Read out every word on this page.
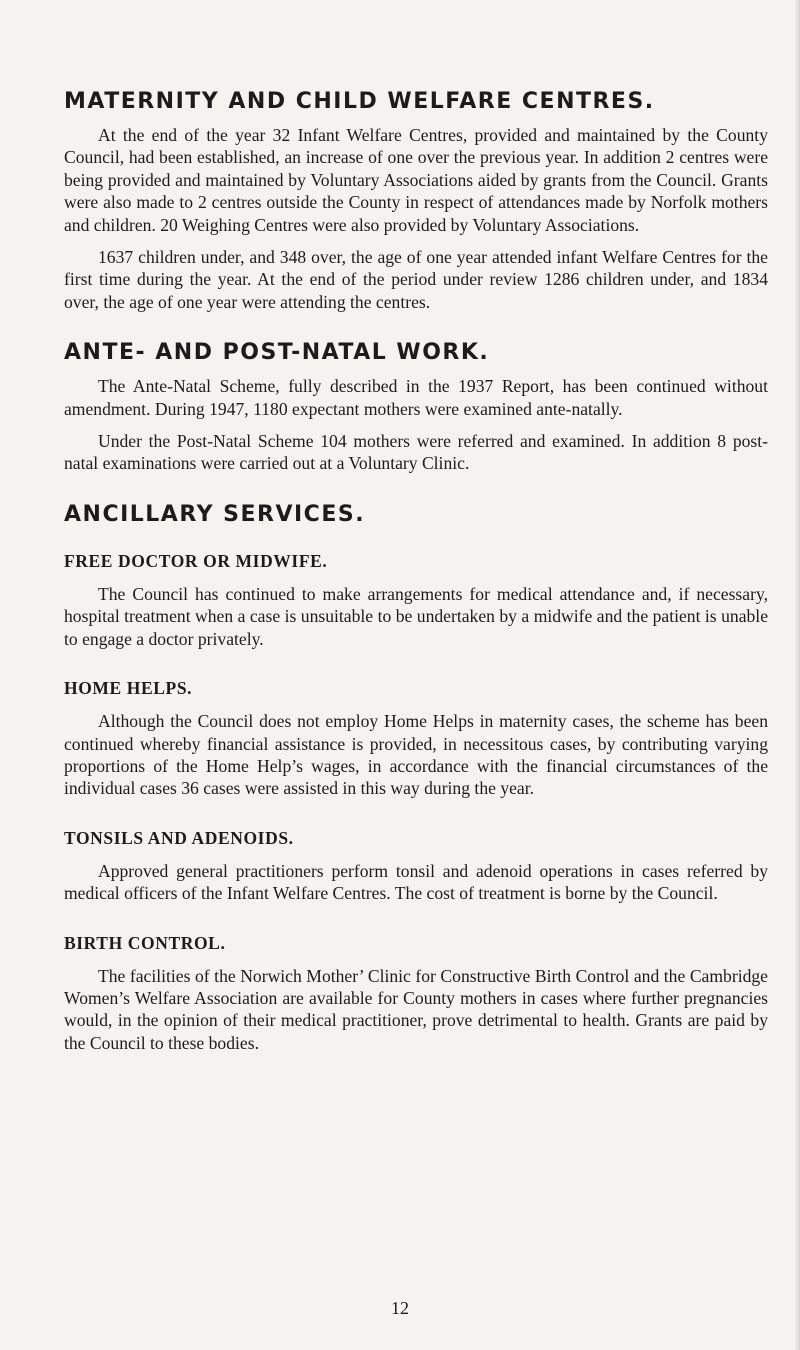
MATERNITY AND CHILD WELFARE CENTRES.

At the end of the year 32 Infant Welfare Centres, provided and maintained by the County Council, had been established, an increase of one over the previous year. In addition 2 centres were being provided and maintained by Voluntary Associations aided by grants from the Council. Grants were also made to 2 centres outside the County in respect of attendances made by Norfolk mothers and children. 20 Weighing Centres were also provided by Voluntary Associations.

1637 children under, and 348 over, the age of one year attended infant Welfare Centres for the first time during the year. At the end of the period under review 1286 children under, and 1834 over, the age of one year were attending the centres.

ANTE- AND POST-NATAL WORK.

The Ante-Natal Scheme, fully described in the 1937 Report, has been continued without amendment. During 1947, 1180 expectant mothers were examined ante-natally.

Under the Post-Natal Scheme 104 mothers were referred and examined. In addition 8 post-natal examinations were carried out at a Voluntary Clinic.

ANCILLARY SERVICES.
FREE DOCTOR OR MIDWIFE.

The Council has continued to make arrangements for medical attendance and, if necessary, hospital treatment when a case is unsuitable to be undertaken by a midwife and the patient is unable to engage a doctor privately.

HOME HELPS.

Although the Council does not employ Home Helps in maternity cases, the scheme has been continued whereby financial assistance is provided, in necessitous cases, by contributing varying proportions of the Home Help’s wages, in accordance with the financial circumstances of the individual cases 36 cases were assisted in this way during the year.

TONSILS AND ADENOIDS.

Approved general practitioners perform tonsil and adenoid operations in cases referred by medical officers of the Infant Welfare Centres. The cost of treatment is borne by the Council.

BIRTH CONTROL.

The facilities of the Norwich Mother’ Clinic for Constructive Birth Control and the Cambridge Women’s Welfare Association are available for County mothers in cases where further pregnancies would, in the opinion of their medical practitioner, prove detrimental to health. Grants are paid by the Council to these bodies.

12
